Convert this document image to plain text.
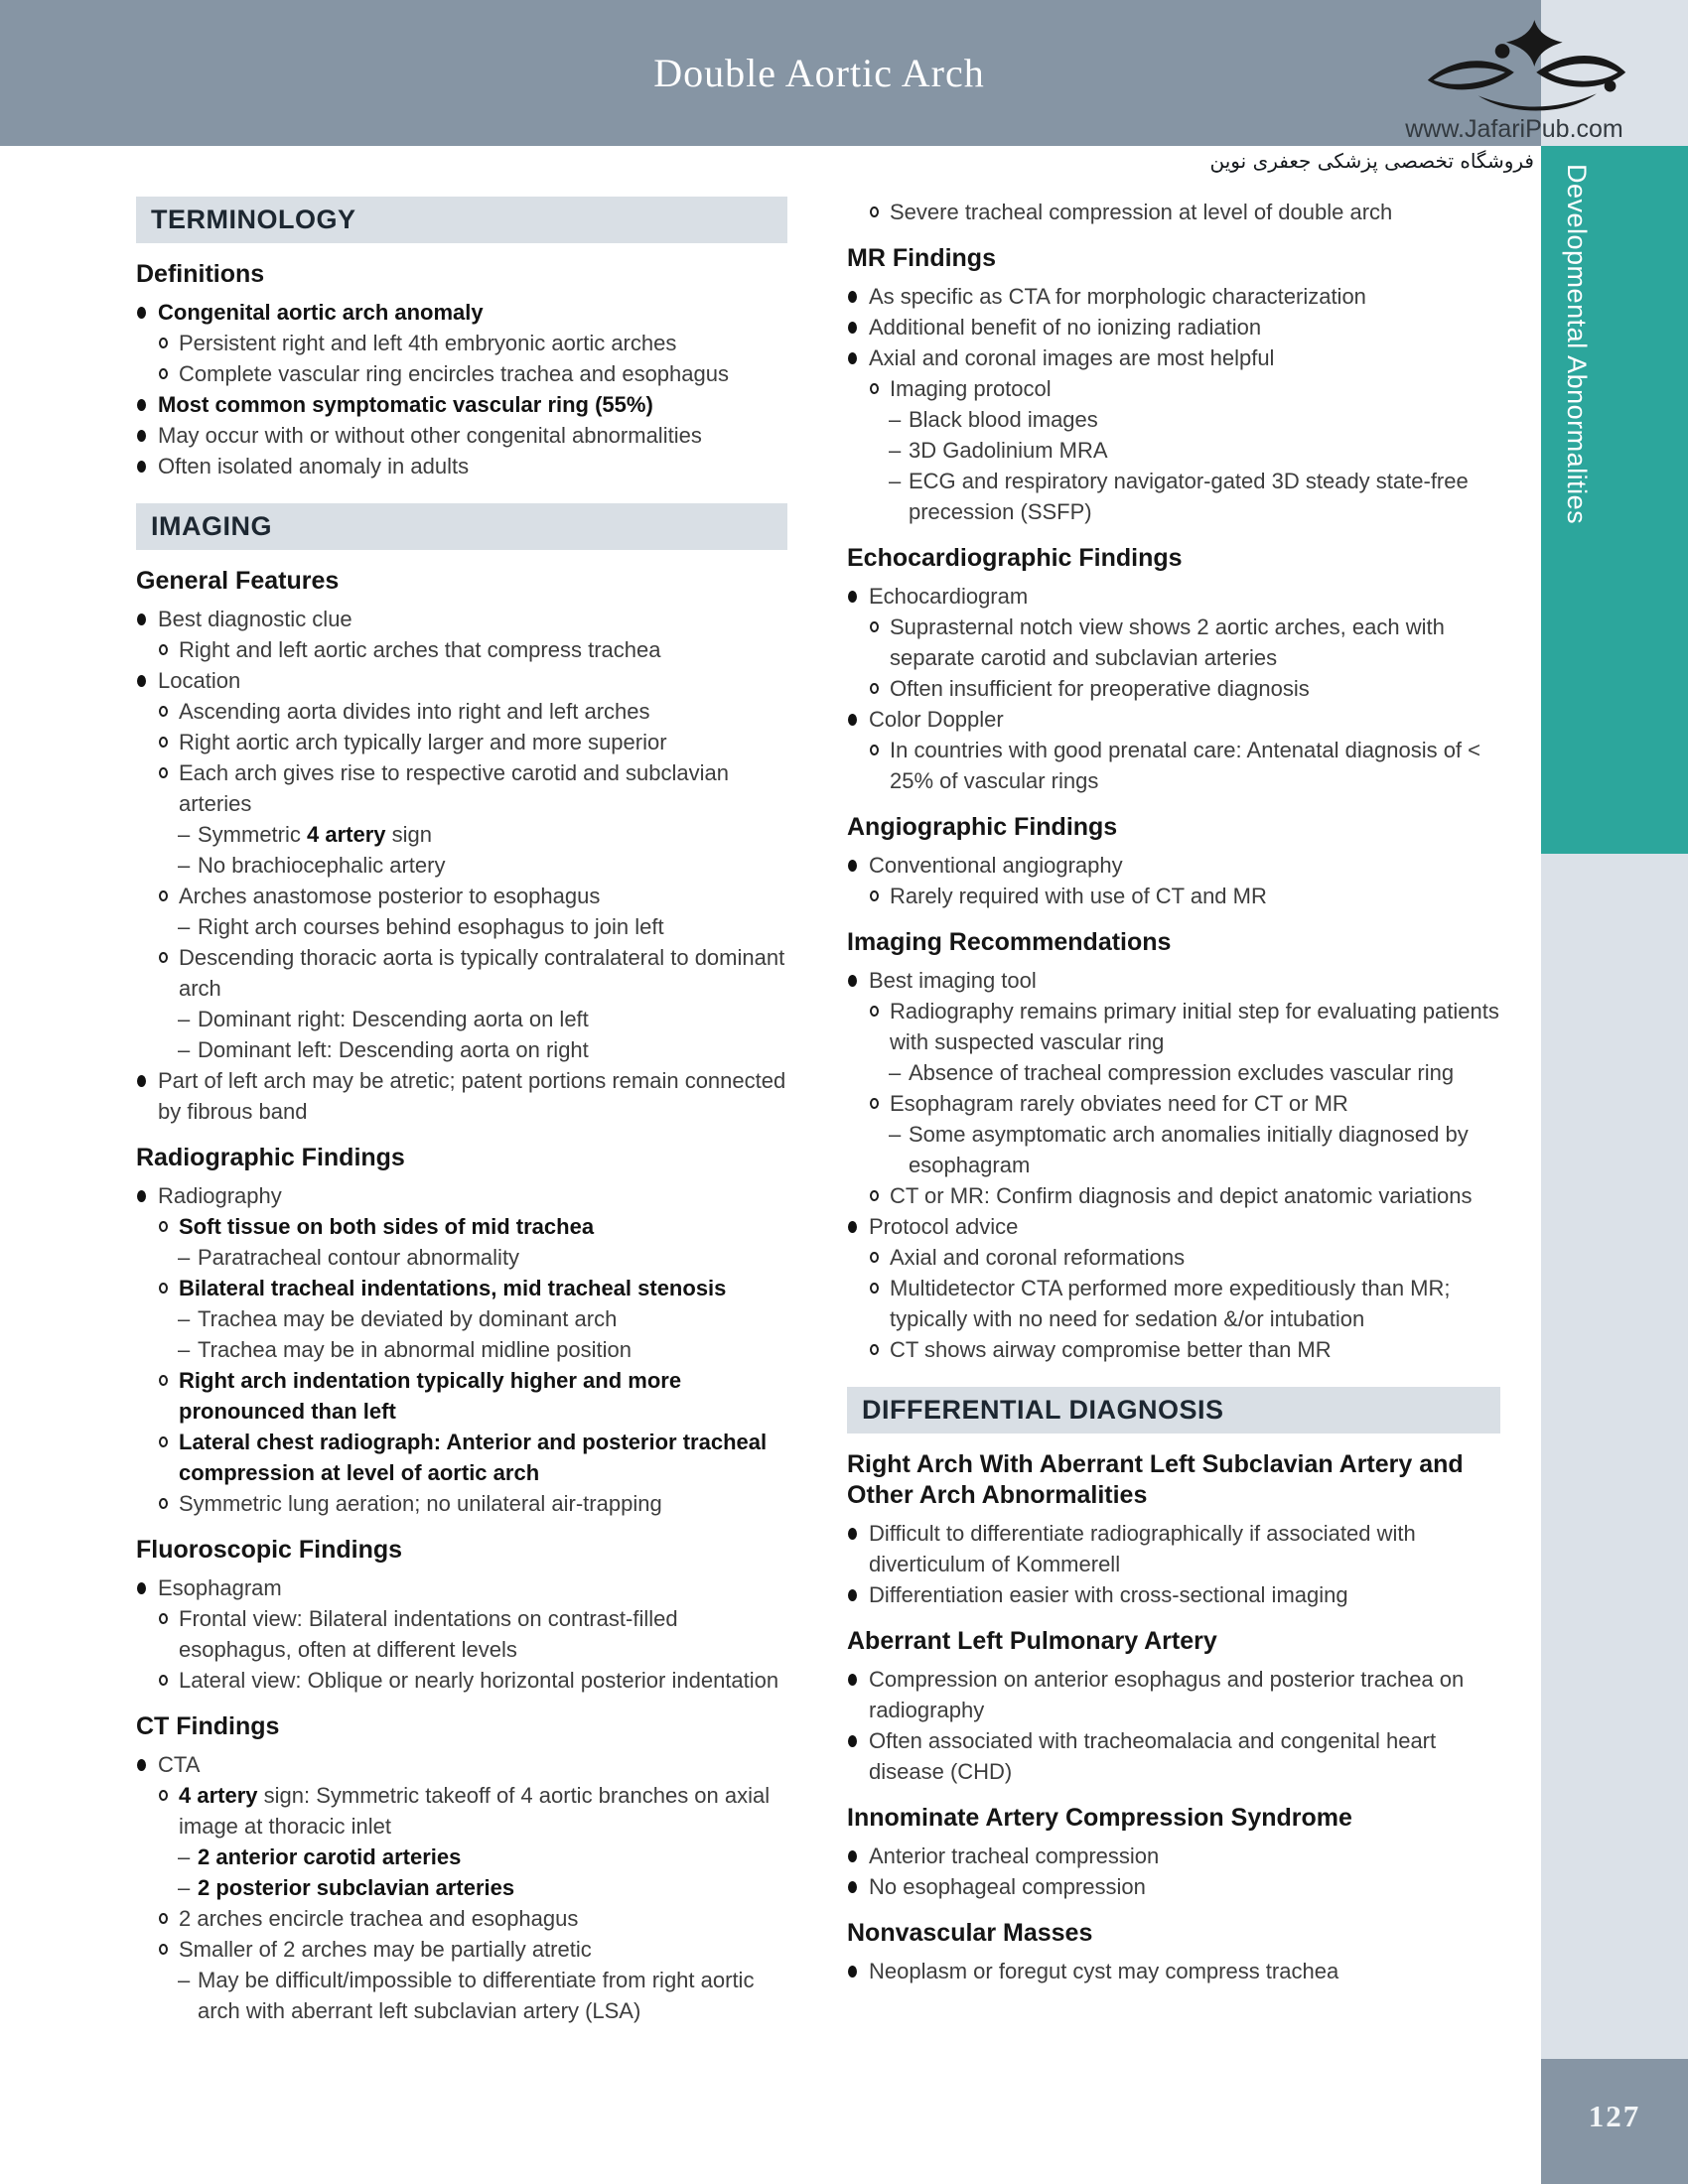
Double Aortic Arch
www.JafariPub.com
فروشگاه تخصصی پزشکی جعفری نوین
Developmental Abnormalities
127
TERMINOLOGY
Definitions
Congenital aortic arch anomaly
Persistent right and left 4th embryonic aortic arches
Complete vascular ring encircles trachea and esophagus
Most common symptomatic vascular ring (55%)
May occur with or without other congenital abnormalities
Often isolated anomaly in adults
IMAGING
General Features
Best diagnostic clue
Right and left aortic arches that compress trachea
Location
Ascending aorta divides into right and left arches
Right aortic arch typically larger and more superior
Each arch gives rise to respective carotid and subclavian arteries
– Symmetric 4 artery sign
– No brachiocephalic artery
Arches anastomose posterior to esophagus
– Right arch courses behind esophagus to join left
Descending thoracic aorta is typically contralateral to dominant arch
– Dominant right: Descending aorta on left
– Dominant left: Descending aorta on right
Part of left arch may be atretic; patent portions remain connected by fibrous band
Radiographic Findings
Radiography
Soft tissue on both sides of mid trachea
– Paratracheal contour abnormality
Bilateral tracheal indentations, mid tracheal stenosis
– Trachea may be deviated by dominant arch
– Trachea may be in abnormal midline position
Right arch indentation typically higher and more pronounced than left
Lateral chest radiograph: Anterior and posterior tracheal compression at level of aortic arch
Symmetric lung aeration; no unilateral air-trapping
Fluoroscopic Findings
Esophagram
Frontal view: Bilateral indentations on contrast-filled esophagus, often at different levels
Lateral view: Oblique or nearly horizontal posterior indentation
CT Findings
CTA
4 artery sign: Symmetric takeoff of 4 aortic branches on axial image at thoracic inlet
– 2 anterior carotid arteries
– 2 posterior subclavian arteries
2 arches encircle trachea and esophagus
Smaller of 2 arches may be partially atretic
– May be difficult/impossible to differentiate from right aortic arch with aberrant left subclavian artery (LSA)
Severe tracheal compression at level of double arch
MR Findings
As specific as CTA for morphologic characterization
Additional benefit of no ionizing radiation
Axial and coronal images are most helpful
Imaging protocol
– Black blood images
– 3D Gadolinium MRA
– ECG and respiratory navigator-gated 3D steady state-free precession (SSFP)
Echocardiographic Findings
Echocardiogram
Suprasternal notch view shows 2 aortic arches, each with separate carotid and subclavian arteries
Often insufficient for preoperative diagnosis
Color Doppler
In countries with good prenatal care: Antenatal diagnosis of < 25% of vascular rings
Angiographic Findings
Conventional angiography
Rarely required with use of CT and MR
Imaging Recommendations
Best imaging tool
Radiography remains primary initial step for evaluating patients with suspected vascular ring
– Absence of tracheal compression excludes vascular ring
Esophagram rarely obviates need for CT or MR
– Some asymptomatic arch anomalies initially diagnosed by esophagram
CT or MR: Confirm diagnosis and depict anatomic variations
Protocol advice
Axial and coronal reformations
Multidetector CTA performed more expeditiously than MR; typically with no need for sedation &/or intubation
CT shows airway compromise better than MR
DIFFERENTIAL DIAGNOSIS
Right Arch With Aberrant Left Subclavian Artery and Other Arch Abnormalities
Difficult to differentiate radiographically if associated with diverticulum of Kommerell
Differentiation easier with cross-sectional imaging
Aberrant Left Pulmonary Artery
Compression on anterior esophagus and posterior trachea on radiography
Often associated with tracheomalacia and congenital heart disease (CHD)
Innominate Artery Compression Syndrome
Anterior tracheal compression
No esophageal compression
Nonvascular Masses
Neoplasm or foregut cyst may compress trachea
